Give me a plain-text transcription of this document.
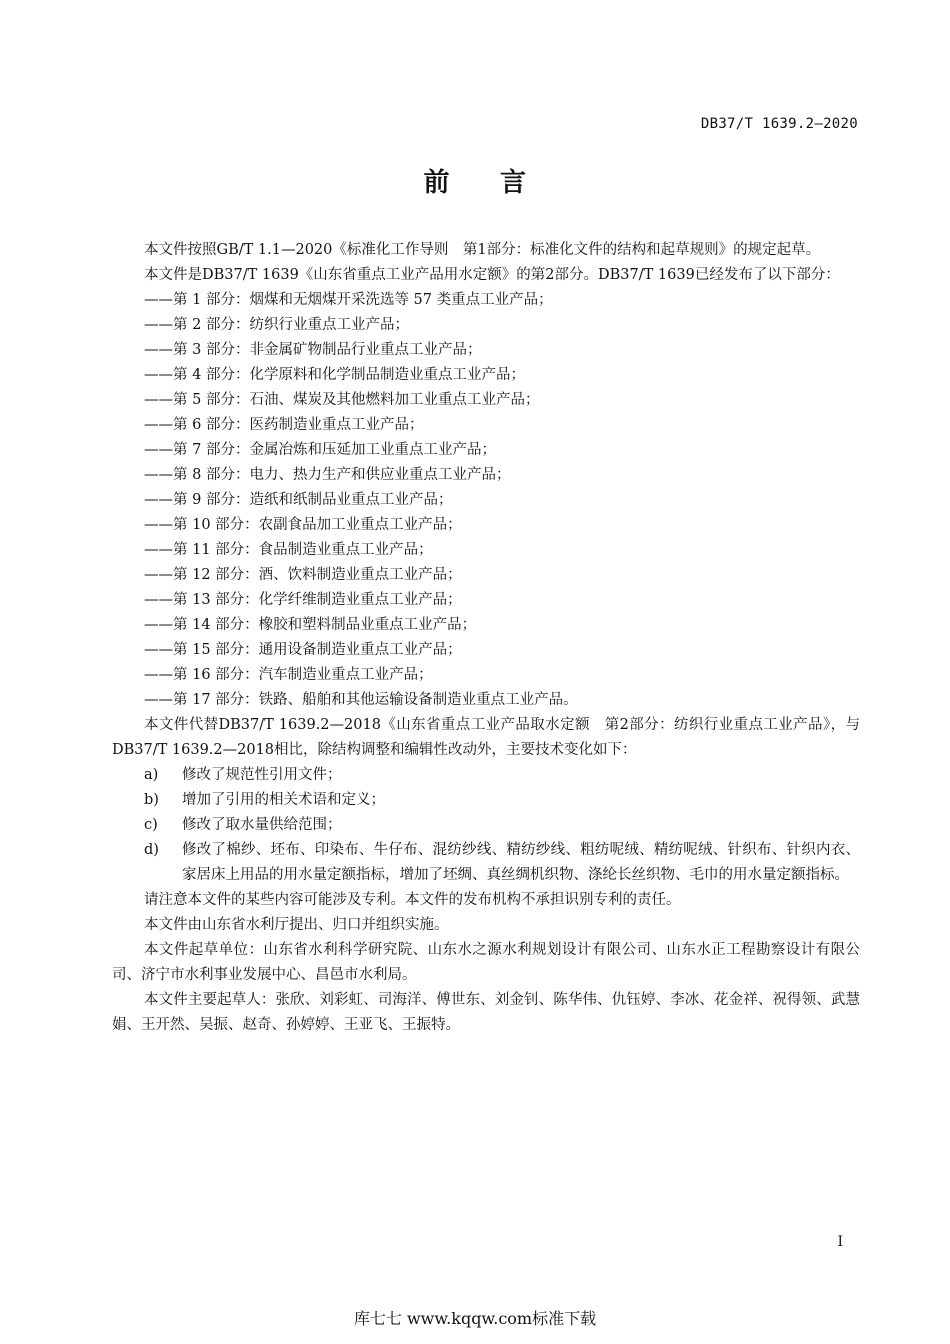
DB37/T 1639.2—2020
前 言

本文件按照GB/T 1.1—2020《标准化工作导则　第1部分：标准化文件的结构和起草规则》的规定起草。

本文件是DB37/T 1639《山东省重点工业产品用水定额》的第2部分。DB37/T 1639已经发布了以下部分：

——第 1 部分：烟煤和无烟煤开采洗选等 57 类重点工业产品；

——第 2 部分：纺织行业重点工业产品；

——第 3 部分：非金属矿物制品行业重点工业产品；

——第 4 部分：化学原料和化学制品制造业重点工业产品；

——第 5 部分：石油、煤炭及其他燃料加工业重点工业产品；

——第 6 部分：医药制造业重点工业产品；

——第 7 部分：金属冶炼和压延加工业重点工业产品；

——第 8 部分：电力、热力生产和供应业重点工业产品；

——第 9 部分：造纸和纸制品业重点工业产品；

——第 10 部分：农副食品加工业重点工业产品；

——第 11 部分：食品制造业重点工业产品；

——第 12 部分：酒、饮料制造业重点工业产品；

——第 13 部分：化学纤维制造业重点工业产品；

——第 14 部分：橡胶和塑料制品业重点工业产品；

——第 15 部分：通用设备制造业重点工业产品；

——第 16 部分：汽车制造业重点工业产品；

——第 17 部分：铁路、船舶和其他运输设备制造业重点工业产品。

本文件代替DB37/T 1639.2—2018《山东省重点工业产品取水定额　第2部分：纺织行业重点工业产品》，与DB37/T 1639.2—2018相比，除结构调整和编辑性改动外，主要技术变化如下：

a)	修改了规范性引用文件；
b)	增加了引用的相关术语和定义；
c)	修改了取水量供给范围；
d)	修改了棉纱、坯布、印染布、牛仔布、混纺纱线、精纺纱线、粗纺呢绒、精纺呢绒、针织布、针织内衣、家居床上用品的用水量定额指标，增加了坯绸、真丝绸机织物、涤纶长丝织物、毛巾的用水量定额指标。

请注意本文件的某些内容可能涉及专利。本文件的发布机构不承担识别专利的责任。

本文件由山东省水利厅提出、归口并组织实施。

本文件起草单位：山东省水利科学研究院、山东水之源水利规划设计有限公司、山东水正工程勘察设计有限公司、济宁市水利事业发展中心、昌邑市水利局。

本文件主要起草人：张欣、刘彩虹、司海洋、傅世东、刘金钊、陈华伟、仇钰婷、李冰、花金祥、祝得领、武慧娟、王开然、吴振、赵奇、孙婷婷、王亚飞、王振特。

I
库七七 www.kqqw.com标准下载
